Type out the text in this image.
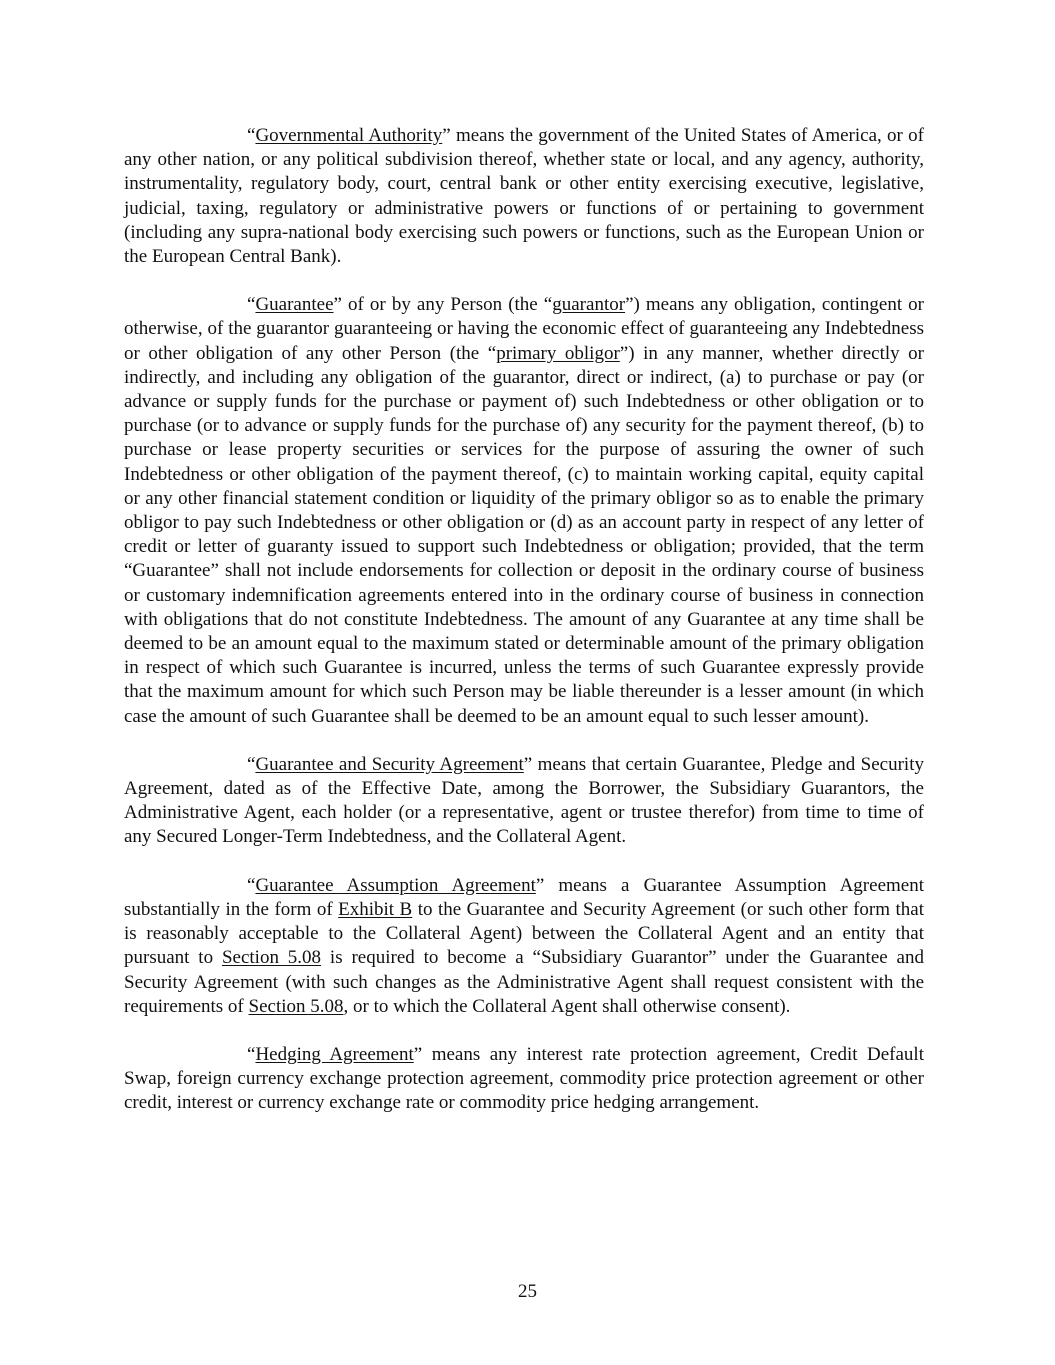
“Governmental Authority” means the government of the United States of America, or of any other nation, or any political subdivision thereof, whether state or local, and any agency, authority, instrumentality, regulatory body, court, central bank or other entity exercising executive, legislative, judicial, taxing, regulatory or administrative powers or functions of or pertaining to government (including any supra-national body exercising such powers or functions, such as the European Union or the European Central Bank).

“Guarantee” of or by any Person (the “guarantor”) means any obligation, contingent or otherwise, of the guarantor guaranteeing or having the economic effect of guaranteeing any Indebtedness or other obligation of any other Person (the “primary obligor”) in any manner, whether directly or indirectly, and including any obligation of the guarantor, direct or indirect, (a) to purchase or pay (or advance or supply funds for the purchase or payment of) such Indebtedness or other obligation or to purchase (or to advance or supply funds for the purchase of) any security for the payment thereof, (b) to purchase or lease property securities or services for the purpose of assuring the owner of such Indebtedness or other obligation of the payment thereof, (c) to maintain working capital, equity capital or any other financial statement condition or liquidity of the primary obligor so as to enable the primary obligor to pay such Indebtedness or other obligation or (d) as an account party in respect of any letter of credit or letter of guaranty issued to support such Indebtedness or obligation; provided, that the term “Guarantee” shall not include endorsements for collection or deposit in the ordinary course of business or customary indemnification agreements entered into in the ordinary course of business in connection with obligations that do not constitute Indebtedness. The amount of any Guarantee at any time shall be deemed to be an amount equal to the maximum stated or determinable amount of the primary obligation in respect of which such Guarantee is incurred, unless the terms of such Guarantee expressly provide that the maximum amount for which such Person may be liable thereunder is a lesser amount (in which case the amount of such Guarantee shall be deemed to be an amount equal to such lesser amount).

“Guarantee and Security Agreement” means that certain Guarantee, Pledge and Security Agreement, dated as of the Effective Date, among the Borrower, the Subsidiary Guarantors, the Administrative Agent, each holder (or a representative, agent or trustee therefor) from time to time of any Secured Longer-Term Indebtedness, and the Collateral Agent.

“Guarantee Assumption Agreement” means a Guarantee Assumption Agreement substantially in the form of Exhibit B to the Guarantee and Security Agreement (or such other form that is reasonably acceptable to the Collateral Agent) between the Collateral Agent and an entity that pursuant to Section 5.08 is required to become a “Subsidiary Guarantor” under the Guarantee and Security Agreement (with such changes as the Administrative Agent shall request consistent with the requirements of Section 5.08, or to which the Collateral Agent shall otherwise consent).

“Hedging Agreement” means any interest rate protection agreement, Credit Default Swap, foreign currency exchange protection agreement, commodity price protection agreement or other credit, interest or currency exchange rate or commodity price hedging arrangement.

25
